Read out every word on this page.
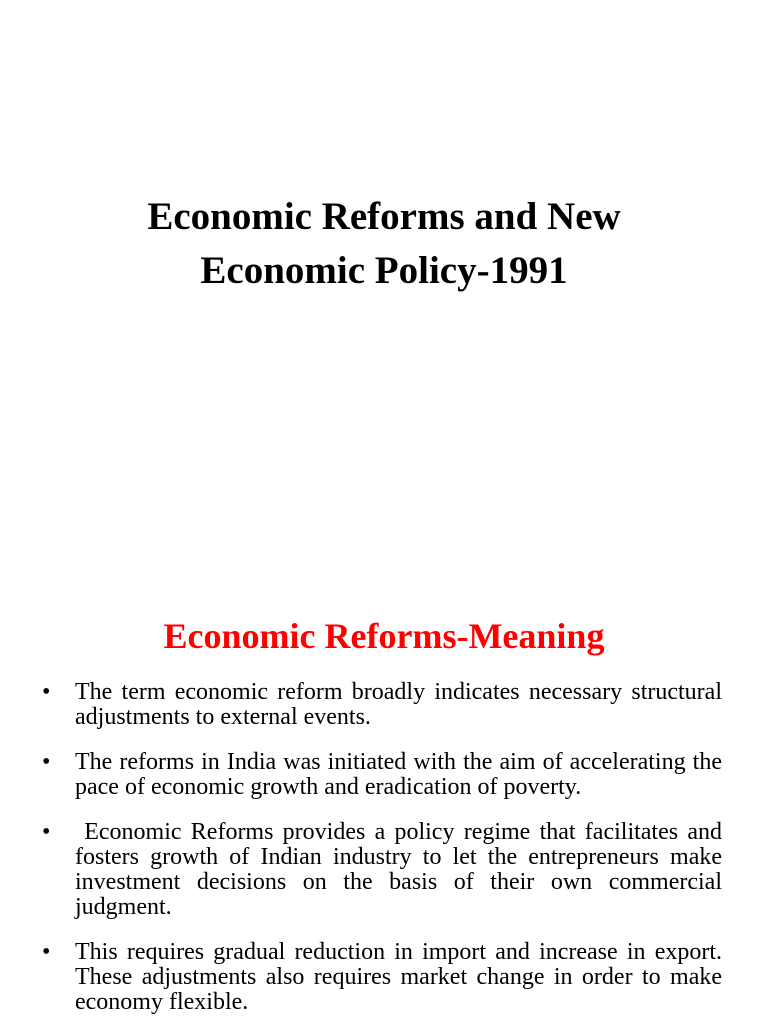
Economic Reforms and New
Economic Policy-1991
Economic Reforms-Meaning
• The term economic reform broadly indicates necessary structural adjustments to external events.
• The reforms in India was initiated with the aim of accelerating the pace of economic growth and eradication of poverty.
• Economic Reforms provides a policy regime that facilitates and fosters growth of Indian industry to let the entrepreneurs make investment decisions on the basis of their own commercial judgment.
• This requires gradual reduction in import and increase in export. These adjustments also requires market change in order to make economy flexible.
